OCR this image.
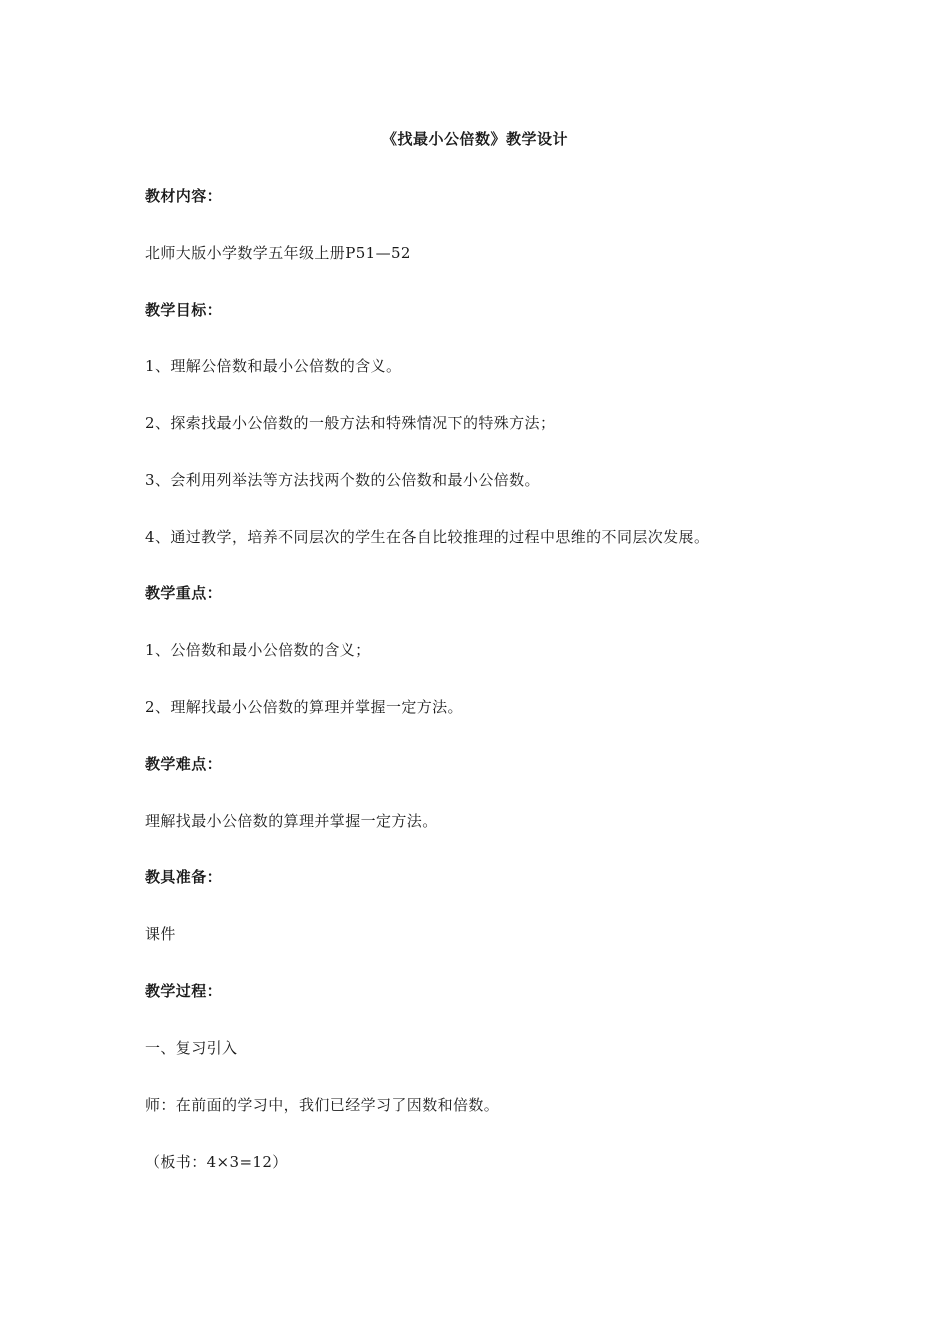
《找最小公倍数》教学设计
教材内容：
北师大版小学数学五年级上册P51—52
教学目标：
1、理解公倍数和最小公倍数的含义。
2、探索找最小公倍数的一般方法和特殊情况下的特殊方法；
3、会利用列举法等方法找两个数的公倍数和最小公倍数。
4、通过教学，培养不同层次的学生在各自比较推理的过程中思维的不同层次发展。
教学重点：
1、公倍数和最小公倍数的含义；
2、理解找最小公倍数的算理并掌握一定方法。
教学难点：
理解找最小公倍数的算理并掌握一定方法。
教具准备：
课件
教学过程：
一、复习引入
师：在前面的学习中，我们已经学习了因数和倍数。
（板书：4×3=12）
